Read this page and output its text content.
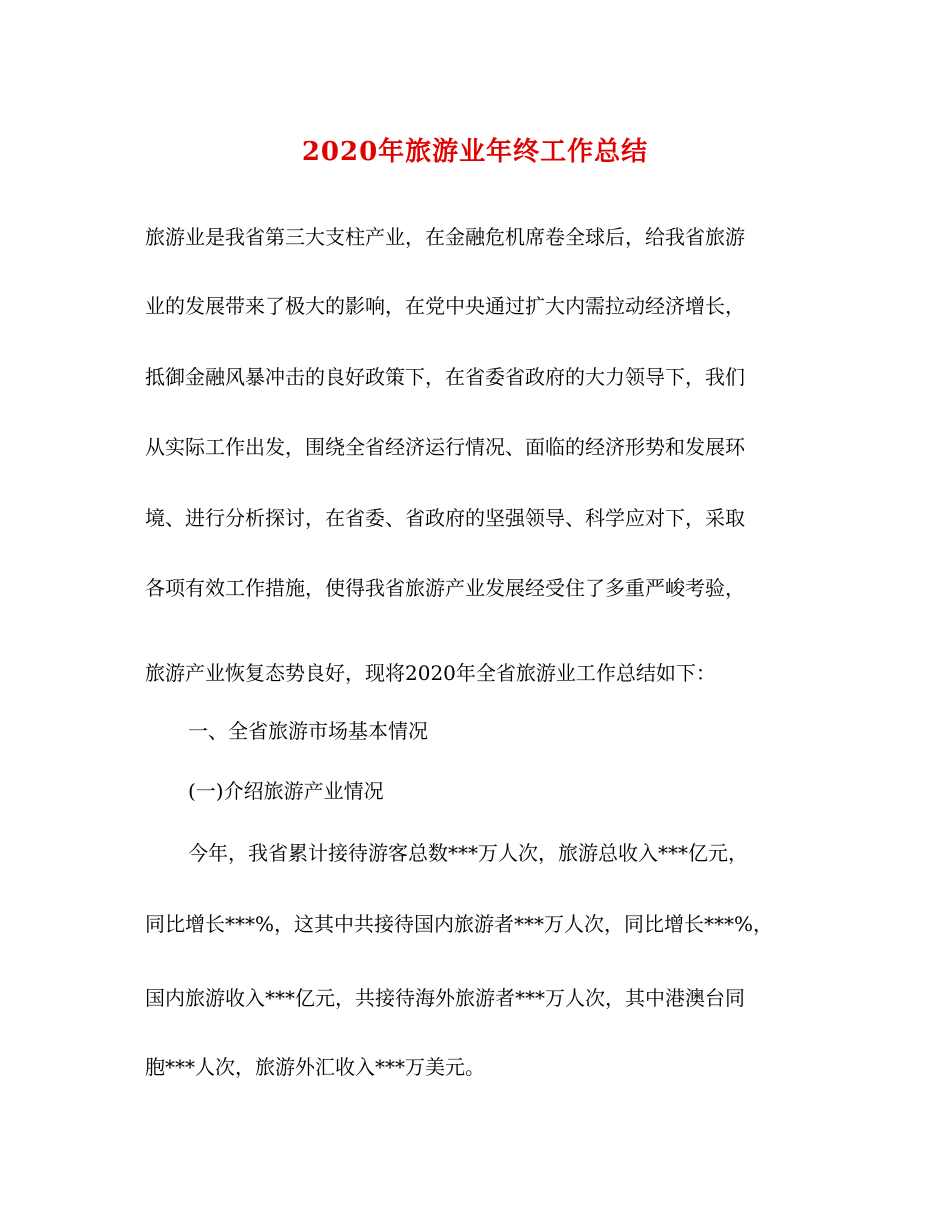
2020年旅游业年终工作总结
旅游业是我省第三大支柱产业，在金融危机席卷全球后，给我省旅游
业的发展带来了极大的影响，在党中央通过扩大内需拉动经济增长，
抵御金融风暴冲击的良好政策下，在省委省政府的大力领导下，我们
从实际工作出发，围绕全省经济运行情况、面临的经济形势和发展环
境、进行分析探讨，在省委、省政府的坚强领导、科学应对下，采取
各项有效工作措施，使得我省旅游产业发展经受住了多重严峻考验，
旅游产业恢复态势良好，现将2020年全省旅游业工作总结如下：
一、全省旅游市场基本情况
(一)介绍旅游产业情况
今年，我省累计接待游客总数***万人次，旅游总收入***亿元，
同比增长***%，这其中共接待国内旅游者***万人次，同比增长***%，
国内旅游收入***亿元，共接待海外旅游者***万人次，其中港澳台同
胞***人次，旅游外汇收入***万美元。
